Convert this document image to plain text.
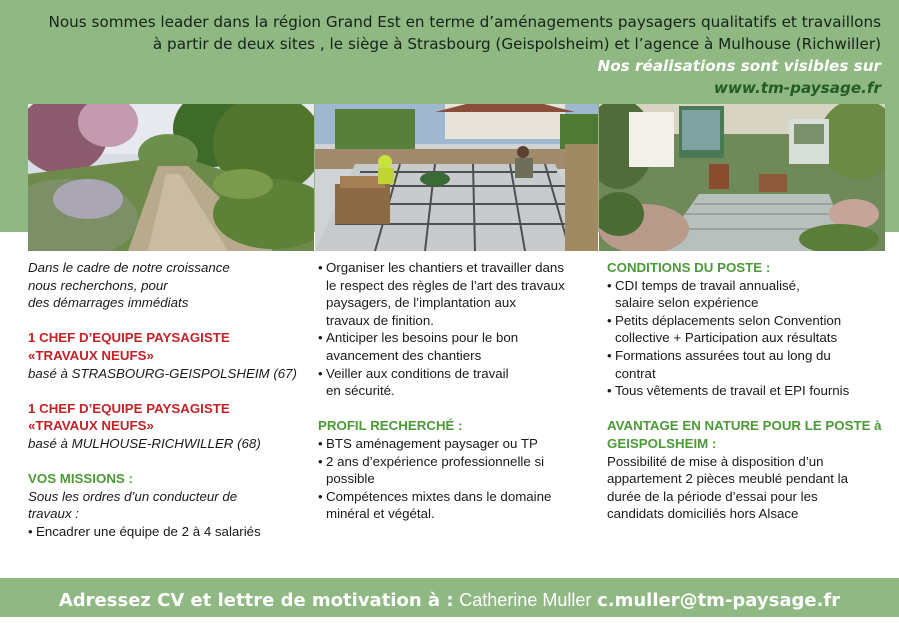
Nous sommes leader dans la région Grand Est en terme d’aménagements paysagers qualitatifs et travaillons
à partir de deux sites , le siège à Strasbourg (Geispolsheim) et l’agence à Mulhouse (Richwiller)
Nos réalisations sont visibles sur
www.tm-paysage.fr

Dans le cadre de notre croissance

nous recherchons, pour

des démarrages immédiats

1 CHEF D’EQUIPE PAYSAGISTE

«TRAVAUX NEUFS»

basé à STRASBOURG-GEISPOLSHEIM (67)

1 CHEF D’EQUIPE PAYSAGISTE

«TRAVAUX NEUFS»

basé à MULHOUSE-RICHWILLER (68)

VOS MISSIONS :

Sous les ordres d’un conducteur de

travaux :

• Encadrer une équipe de 2 à 4 salariés
• Organiser les chantiers et travailler dans
le respect des règles de l’art des travaux
paysagers, de l’implantation aux
travaux de finition.
• Anticiper les besoins pour le bon
avancement des chantiers
• Veiller aux conditions de travail
en sécurité.

PROFIL RECHERCHÉ :

• BTS aménagement paysager ou TP
• 2 ans d’expérience professionnelle si
possible
• Compétences mixtes dans le domaine
minéral et végétal.

CONDITIONS DU POSTE :

• CDI temps de travail annualisé,
salaire selon expérience
• Petits déplacements selon Convention
collective + Participation aux résultats
• Formations assurées tout au long du
contrat
• Tous vêtements de travail et EPI fournis

AVANTAGE EN NATURE POUR LE POSTE à

GEISPOLSHEIM :

Possibilité de mise à disposition d’un

appartement 2 pièces meublé pendant la

durée de la période d’essai pour les

candidats domiciliés hors Alsace

Adressez CV et lettre de motivation à : Catherine Muller c.muller@tm-paysage.fr
